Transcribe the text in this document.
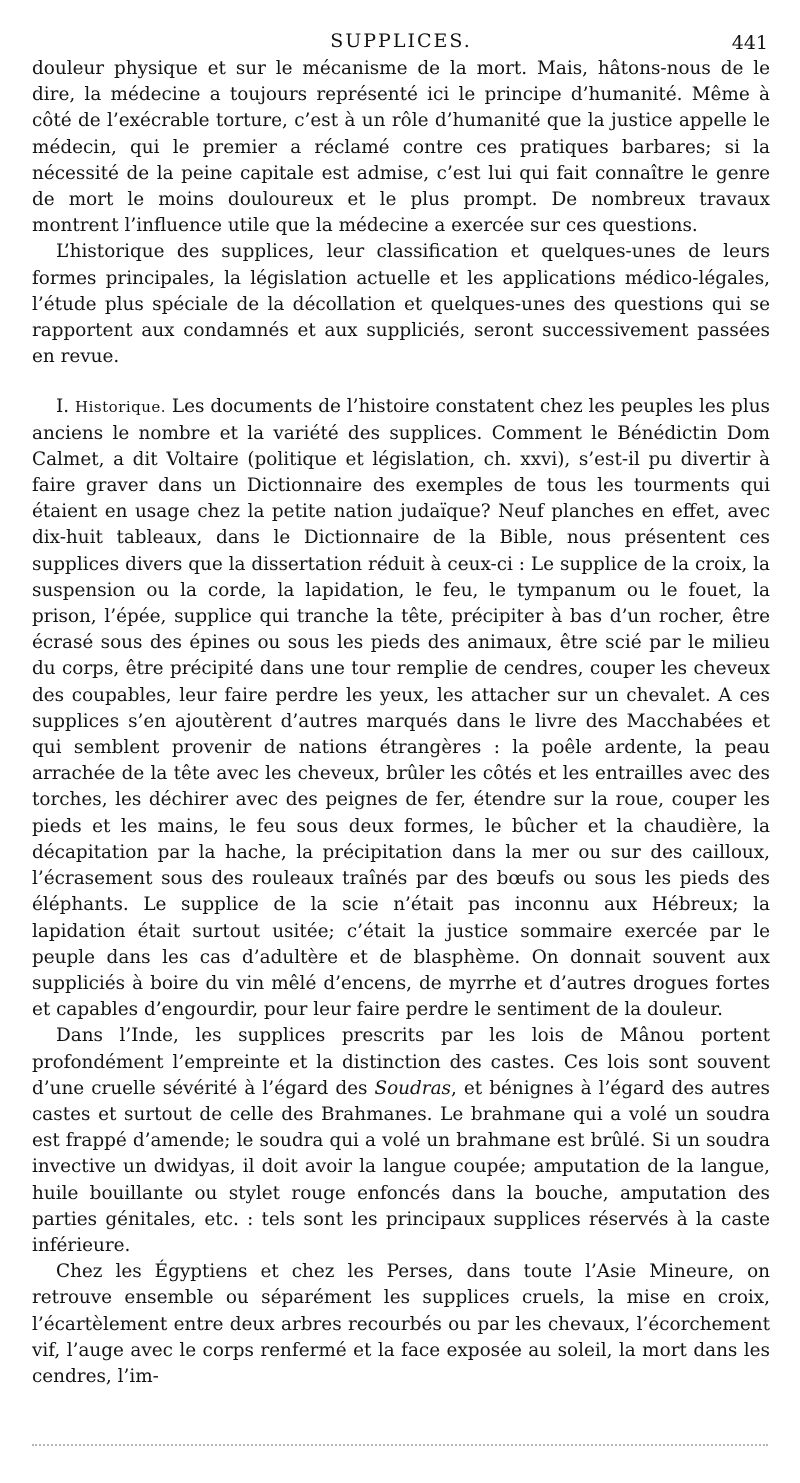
SUPPLICES.	441

douleur physique et sur le mécanisme de la mort. Mais, hâtons-nous de le dire, la médecine a toujours représenté ici le principe d’humanité. Même à côté de l’exécrable torture, c’est à un rôle d’humanité que la justice appelle le médecin, qui le premier a réclamé contre ces pratiques barbares; si la nécessité de la peine capitale est admise, c’est lui qui fait connaître le genre de mort le moins douloureux et le plus prompt. De nombreux travaux montrent l’influence utile que la médecine a exercée sur ces questions.

L’historique des supplices, leur classification et quelques-unes de leurs formes principales, la législation actuelle et les applications médico-légales, l’étude plus spéciale de la décollation et quelques-unes des questions qui se rapportent aux condamnés et aux suppliciés, seront successivement passées en revue.

I. Historique. Les documents de l’histoire constatent chez les peuples les plus anciens le nombre et la variété des supplices. Comment le Bénédictin Dom Calmet, a dit Voltaire (politique et législation, ch. xxvi), s’est-il pu divertir à faire graver dans un Dictionnaire des exemples de tous les tourments qui étaient en usage chez la petite nation judaïque? Neuf planches en effet, avec dix-huit tableaux, dans le Dictionnaire de la Bible, nous présentent ces supplices divers que la dissertation réduit à ceux-ci : Le supplice de la croix, la suspension ou la corde, la lapidation, le feu, le tympanum ou le fouet, la prison, l’épée, supplice qui tranche la tête, précipiter à bas d’un rocher, être écrasé sous des épines ou sous les pieds des animaux, être scié par le milieu du corps, être précipité dans une tour remplie de cendres, couper les cheveux des coupables, leur faire perdre les yeux, les attacher sur un chevalet. A ces supplices s’en ajoutèrent d’autres marqués dans le livre des Macchabées et qui semblent provenir de nations étrangères : la poêle ardente, la peau arrachée de la tête avec les cheveux, brûler les côtés et les entrailles avec des torches, les déchirer avec des peignes de fer, étendre sur la roue, couper les pieds et les mains, le feu sous deux formes, le bûcher et la chaudière, la décapitation par la hache, la précipitation dans la mer ou sur des cailloux, l’écrasement sous des rouleaux traînés par des bœufs ou sous les pieds des éléphants. Le supplice de la scie n’était pas inconnu aux Hébreux; la lapidation était surtout usitée; c’était la justice sommaire exercée par le peuple dans les cas d’adultère et de blasphème. On donnait souvent aux suppliciés à boire du vin mêlé d’encens, de myrrhe et d’autres drogues fortes et capables d’engourdir, pour leur faire perdre le sentiment de la douleur.

Dans l’Inde, les supplices prescrits par les lois de Mânou portent profondément l’empreinte et la distinction des castes. Ces lois sont souvent d’une cruelle sévérité à l’égard des Soudras, et bénignes à l’égard des autres castes et surtout de celle des Brahmanes. Le brahmane qui a volé un soudra est frappé d’amende; le soudra qui a volé un brahmane est brûlé. Si un soudra invective un dwidyas, il doit avoir la langue coupée; amputation de la langue, huile bouillante ou stylet rouge enfoncés dans la bouche, amputation des parties génitales, etc. : tels sont les principaux supplices réservés à la caste inférieure.

Chez les Égyptiens et chez les Perses, dans toute l’Asie Mineure, on retrouve ensemble ou séparément les supplices cruels, la mise en croix, l’écartèlement entre deux arbres recourbés ou par les chevaux, l’écorchement vif, l’auge avec le corps renfermé et la face exposée au soleil, la mort dans les cendres, l’im-
